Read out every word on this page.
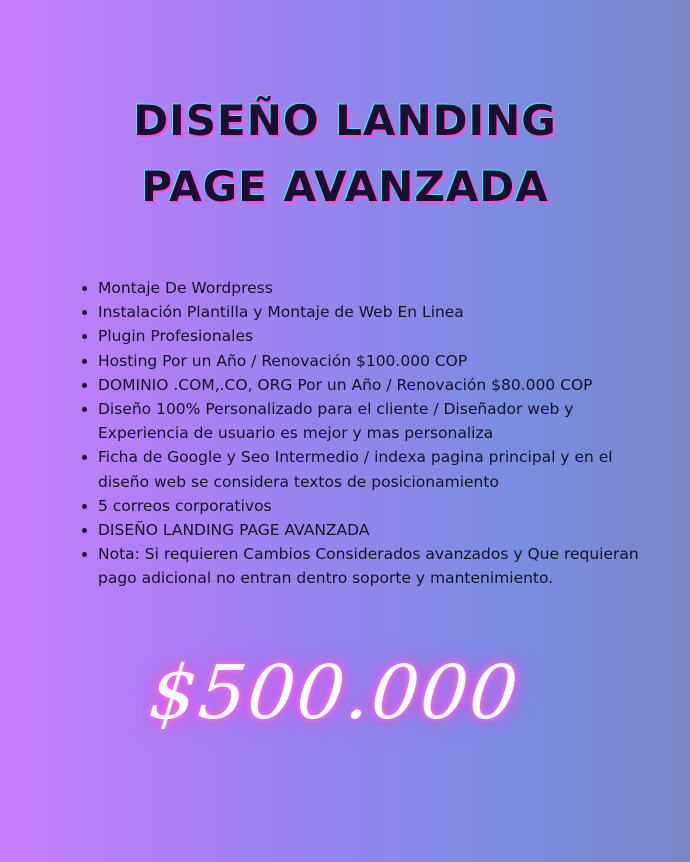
DISEÑO LANDING
PAGE AVANZADA
• Montaje De Wordpress
• Instalación Plantilla y Montaje de Web En Linea
• Plugin Profesionales
• Hosting Por un Año / Renovación $100.000 COP
• DOMINIO .COM,.CO, ORG Por un Año / Renovación $80.000 COP
• Diseño 100% Personalizado para el cliente / Diseñador web y Experiencia de usuario es mejor y mas personaliza
• Ficha de Google y Seo Intermedio / indexa pagina principal y en el diseño web se considera textos de posicionamiento
• 5 correos corporativos
• DISEÑO LANDING PAGE AVANZADA
• Nota: Si requieren Cambios Considerados avanzados y Que requieran pago adicional no entran dentro soporte y mantenimiento.
$500.000
